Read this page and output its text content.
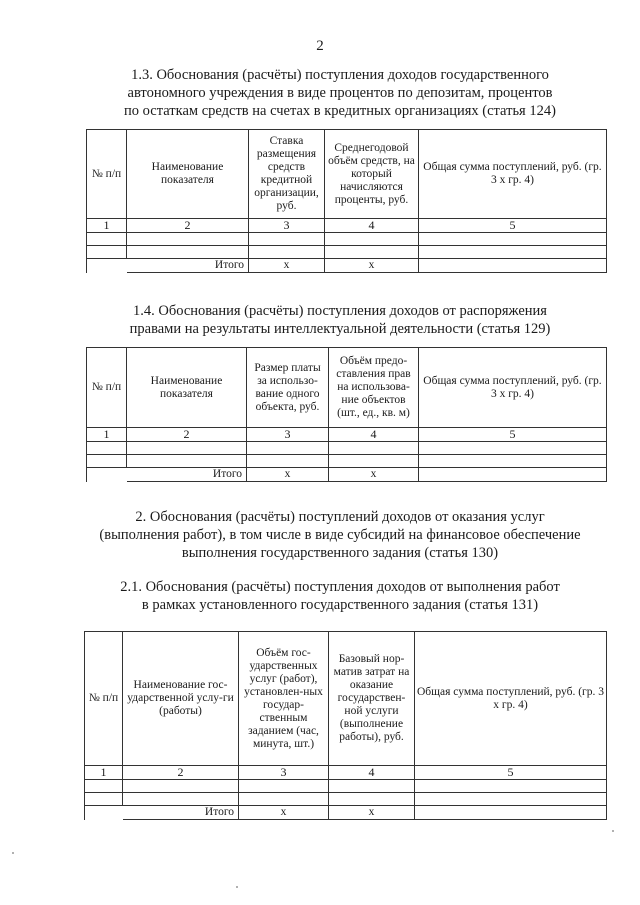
2
1.3. Обоснования (расчёты) поступления доходов государственного
автономного учреждения в виде процентов по депозитам, процентов
по остаткам средств на счетах в кредитных организациях (статья 124)
№ п/п	Наименование показателя	Ставка размещения средств кредитной организации, руб.	Среднегодовой объём средств, на который начисляются проценты, руб.	Общая сумма поступлений, руб. (гр. 3 х гр. 4)
1	2	3	4	5

	Итого	х	х	
1.4. Обоснования (расчёты) поступления доходов от распоряжения
правами на результаты интеллектуальной деятельности (статья 129)
№ п/п	Наименование показателя	Размер платы за использо-вание одного объекта, руб.	Объём предо-ставления прав на использова-ние объектов (шт., ед., кв. м)	Общая сумма поступлений, руб. (гр. 3 х гр. 4)
1	2	3	4	5

	Итого	х	х	
2. Обоснования (расчёты) поступлений доходов от оказания услуг
(выполнения работ), в том числе в виде субсидий на финансовое обеспечение
выполнения государственного задания (статья 130)
2.1. Обоснования (расчёты) поступления доходов от выполнения работ
в рамках установленного государственного задания (статья 131)
№ п/п	Наименование гос-ударственной услу-ги (работы)	Объём гос-ударственных услуг (работ), установлен-ных государ-ственным заданием (час, минута, шт.)	Базовый нор-матив затрат на оказание государствен-ной услуги (выполнение работы), руб.	Общая сумма поступлений, руб. (гр. 3 х гр. 4)
1	2	3	4	5

	Итого	х	х	
